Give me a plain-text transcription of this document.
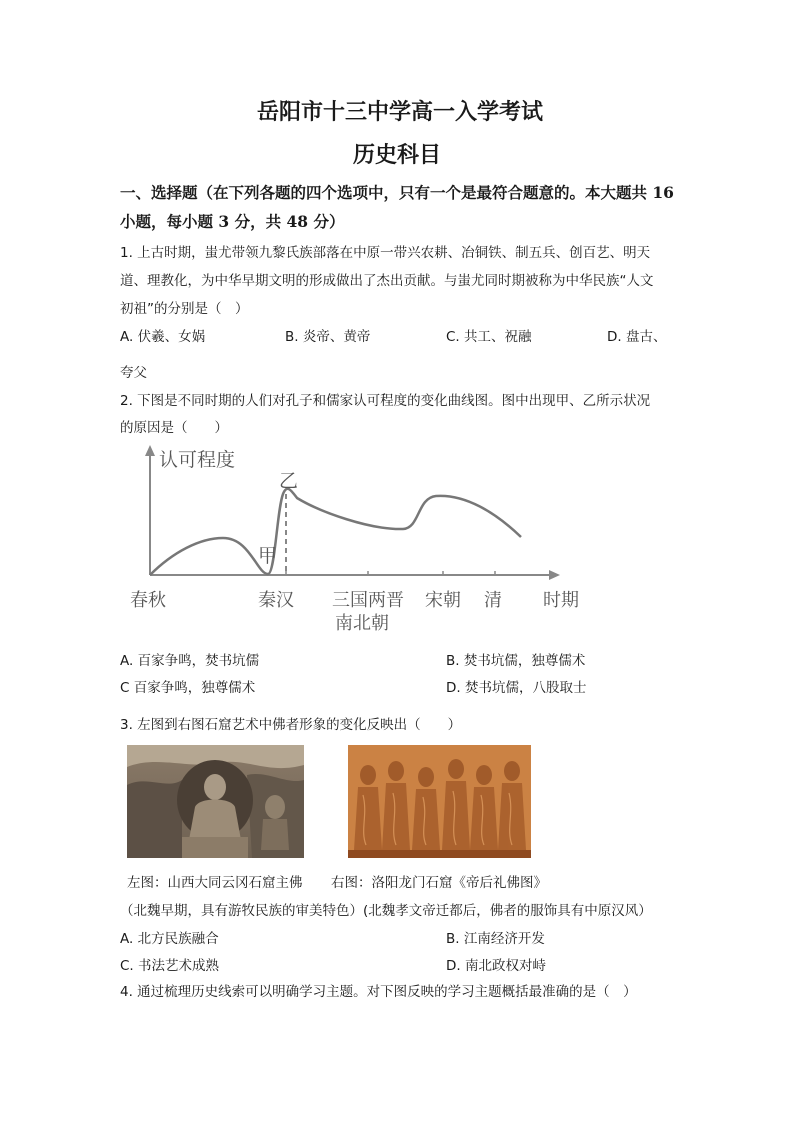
岳阳市十三中学高一入学考试
历史科目
一、选择题（在下列各题的四个选项中，只有一个是最符合题意的。本大题共 16
小题，每小题 3 分，共 48 分）
1. 上古时期，蚩尤带领九黎氏族部落在中原一带兴农耕、冶铜铁、制五兵、创百艺、明天
道、理教化，为中华早期文明的形成做出了杰出贡献。与蚩尤同时期被称为中华民族“人文
初祖”的分别是（　）
A. 伏羲、女娲	B. 炎帝、黄帝	C. 共工、祝融	D. 盘古、
夸父
2. 下图是不同时期的人们对孔子和儒家认可程度的变化曲线图。图中出现甲、乙所示状况
的原因是（　　）
认可程度
乙
甲
春秋	秦汉 三国两晋
南北朝
宋朝 清 时期
A. 百家争鸣，焚书坑儒	B. 焚书坑儒，独尊儒术
C 百家争鸣，独尊儒术	D. 焚书坑儒，八股取士
3. 左图到右图石窟艺术中佛者形象的变化反映出（　　）
左图：山西大同云冈石窟主佛 右图：洛阳龙门石窟《帝后礼佛图》
（北魏早期，具有游牧民族的审美特色）(北魏孝文帝迁都后，佛者的服饰具有中原汉风）
A. 北方民族融合	B. 江南经济开发
C. 书法艺术成熟	D. 南北政权对峙
4. 通过梳理历史线索可以明确学习主题。对下图反映的学习主题概括最准确的是（　）
